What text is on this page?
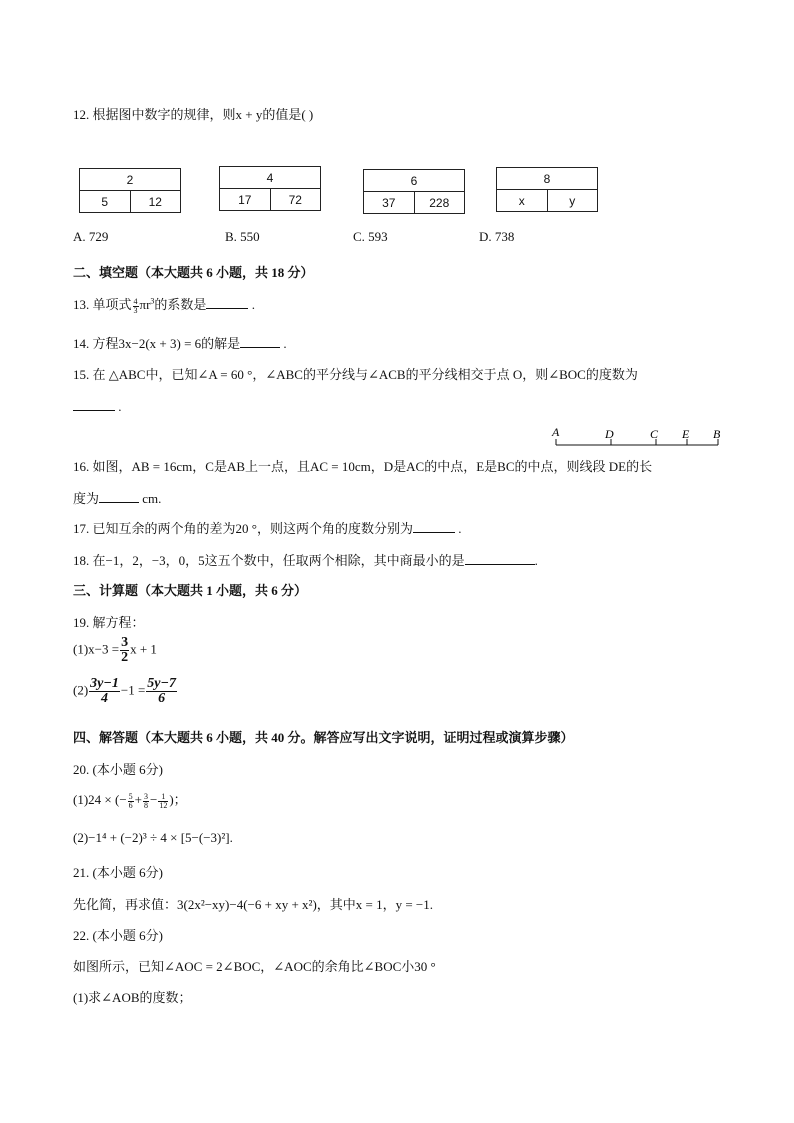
12. 根据图中数字的规律，则x + y的值是( )
2
5	12
4
17	72
6
37	228
8
x	y
A. 729	B. 550	C. 593	D. 738
二、填空题（本大题共 6 小题，共 18 分）
13. 单项式 $\frac{4}{3} \pi r^3$的系数是	.
14. 方程3x−2(x + 3) = 6的解是	.
15. 在 △ABC中，已知∠A = 60 °，∠ABC的平分线与∠ACB的平分线相交于点 O，则∠BOC的度数为
.
A	D	C E B
16. 如图，AB = 16cm，C是AB上一点，且AC = 10cm，D是AC的中点，E是BC的中点，则线段 DE的长
度为	cm.
17. 已知互余的两个角的差为20 °，则这两个角的度数分别为	.
18. 在−1，2，−3，0，5这五个数中，任取两个相除，其中商最小的是	.
三、计算题（本大题共 1 小题，共 6 分）
19. 解方程：
$(1)x-3 = \frac{3}{2}$ x + 1
$(2) \frac{3y-1}{4} -1 = \frac{5y-7}{6}$
四、解答题（本大题共 6 小题，共 40 分。解答应写出文字说明，证明过程或演算步骤）
20. (本小题 6分)
(1)24 × (− $\frac{5}{6} + \frac{3}{8} - \frac{1}{12}$ )；
(2)−1⁴ + (−2)³ ÷ 4 × [5−(−3)²].
21. (本小题 6分)
先化简，再求值：3(2x²−xy)−4(−6 + xy + x²)，其中x = 1，y = −1.
22. (本小题 6分)
如图所示，已知∠AOC = 2∠BOC，∠AOC的余角比∠BOC小30 °
(1)求∠AOB的度数；
